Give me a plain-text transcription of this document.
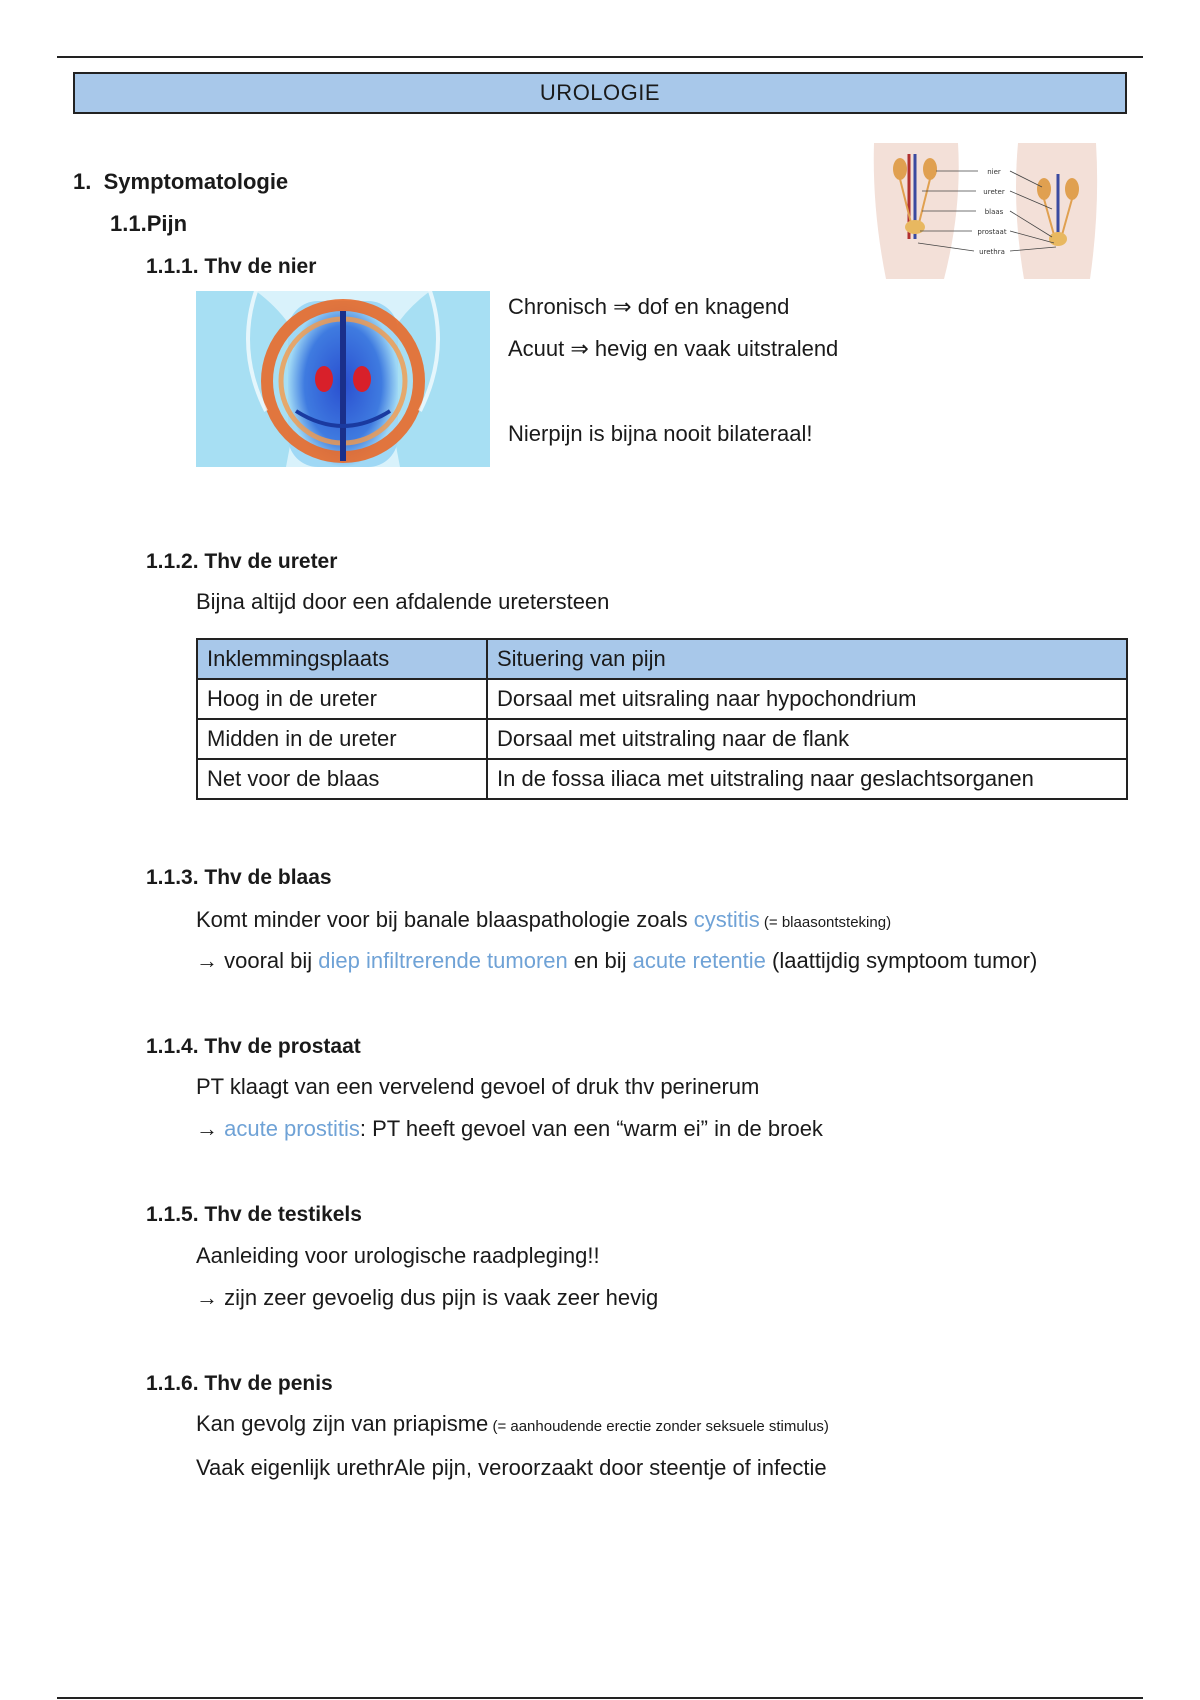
UROLOGIE
nier
ureter
blaas
prostaat
urethra
1. Symptomatologie
1.1.Pijn
1.1.1. Thv de nier
Chronisch ⇒ dof en knagend
Acuut ⇒ hevig en vaak uitstralend
Nierpijn is bijna nooit bilateraal!
1.1.2. Thv de ureter
Bijna altijd door een afdalende uretersteen
Inklemmingsplaats	Situering van pijn
Hoog in de ureter	Dorsaal met uitsraling naar hypochondrium
Midden in de ureter	Dorsaal met uitstraling naar de flank
Net voor de blaas	In de fossa iliaca met uitstraling naar geslachtsorganen
1.1.3. Thv de blaas
Komt minder voor bij banale blaaspathologie zoals cystitis (= blaasontsteking)
→ vooral bij diep infiltrerende tumoren en bij acute retentie (laattijdig symptoom tumor)
1.1.4. Thv de prostaat
PT klaagt van een vervelend gevoel of druk thv perinerum
→ acute prostitis: PT heeft gevoel van een “warm ei” in de broek
1.1.5. Thv de testikels
Aanleiding voor urologische raadpleging!!
→ zijn zeer gevoelig dus pijn is vaak zeer hevig
1.1.6. Thv de penis
Kan gevolg zijn van priapisme (= aanhoudende erectie zonder seksuele stimulus)
Vaak eigenlijk urethrAle pijn, veroorzaakt door steentje of infectie
